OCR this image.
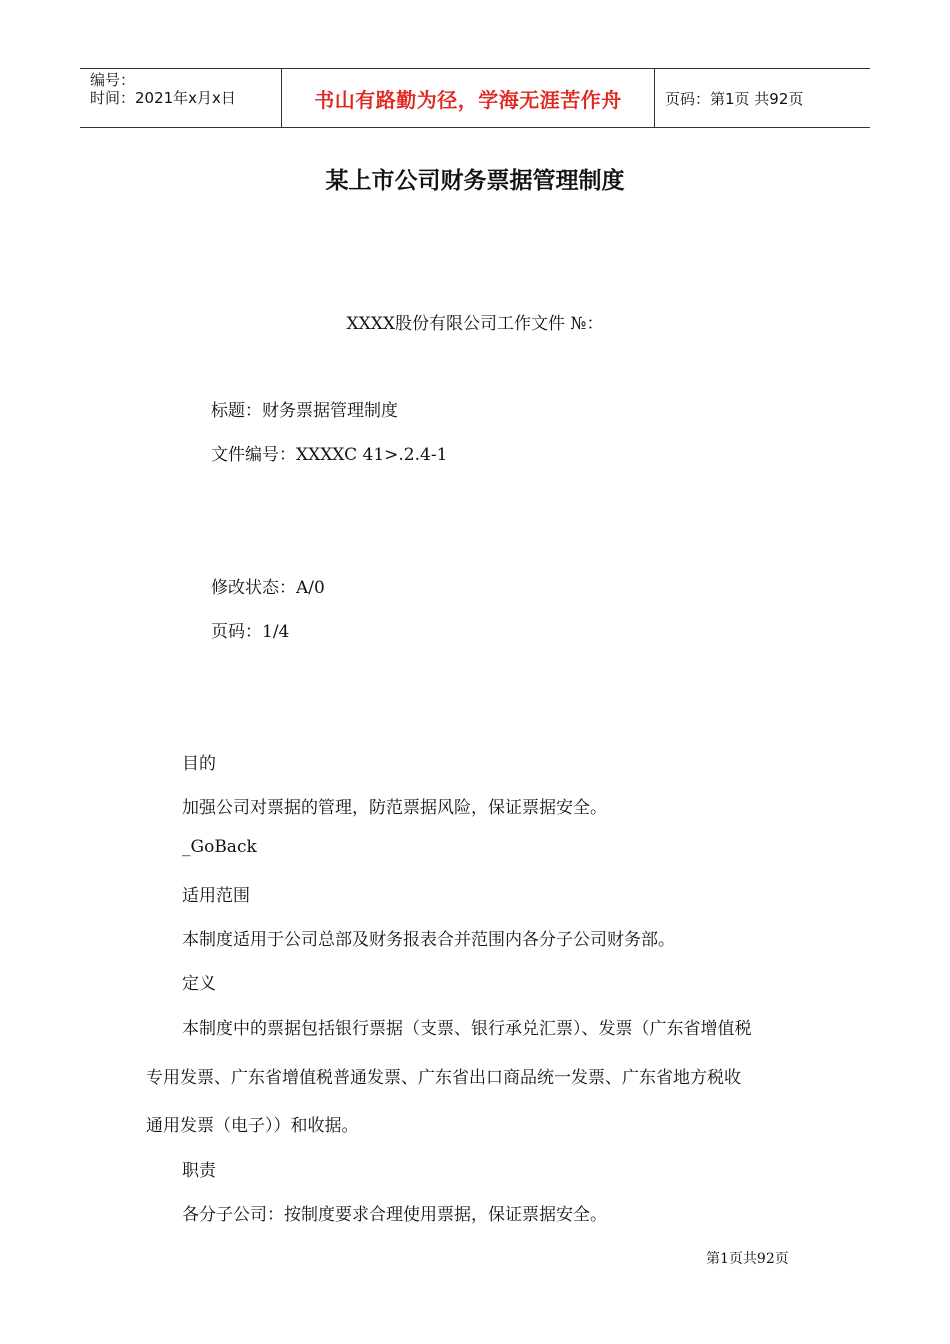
编号：
时间：2021年x月x日	书山有路勤为径，学海无涯苦作舟	页码：第1页 共92页
某上市公司财务票据管理制度
XXXX股份有限公司工作文件 №：
标题：财务票据管理制度
文件编号：XXXXC 41>.2.4-1
修改状态：A/0
页码：1/4
目的
加强公司对票据的管理，防范票据风险，保证票据安全。
_GoBack
适用范围
本制度适用于公司总部及财务报表合并范围内各分子公司财务部。
定义
本制度中的票据包括银行票据（支票、银行承兑汇票）、发票（广东省增值税
专用发票、广东省增值税普通发票、广东省出口商品统一发票、广东省地方税收
通用发票（电子））和收据。
职责
各分子公司：按制度要求合理使用票据，保证票据安全。
第1页共92页
